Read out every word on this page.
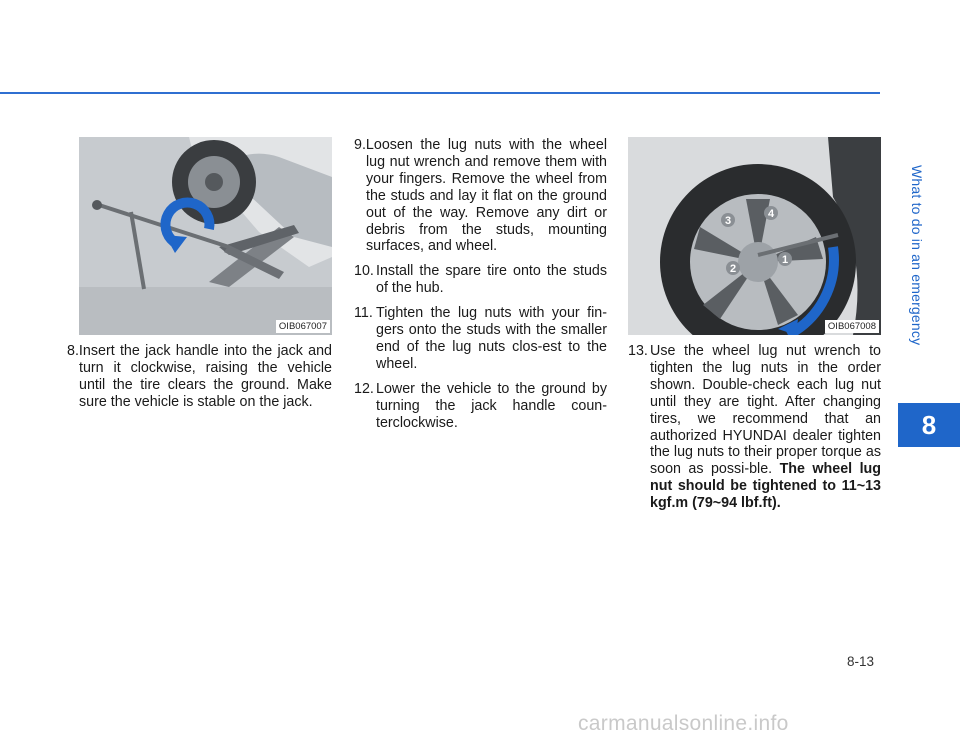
What to do in an emergency
8
OIB067007

8.Insert the jack handle into the jack and turn it clockwise, raising the vehicle until the tire clears the ground. Make sure the vehicle is stable on the jack.

9.Loosen the lug nuts with the wheel lug nut wrench and remove them with your fingers. Remove the wheel from the studs and lay it flat on the ground out of the way. Remove any dirt or debris from the studs, mounting surfaces, and wheel.

10. Install the spare tire onto the studs of the hub.

11. Tighten the lug nuts with your fin-gers onto the studs with the smaller end of the lug nuts clos-est to the wheel.

12. Lower the vehicle to the ground by turning the jack handle coun-terclockwise.

1
2
3
4
OIB067008

13. Use the wheel lug nut wrench to tighten the lug nuts in the order shown. Double-check each lug nut until they are tight. After changing tires, we recommend that an authorized HYUNDAI dealer tighten the lug nuts to their proper torque as soon as possi-ble. The wheel lug nut should be tightened to 11~13 kgf.m (79~94 lbf.ft).

8-13
carmanualsonline.info
